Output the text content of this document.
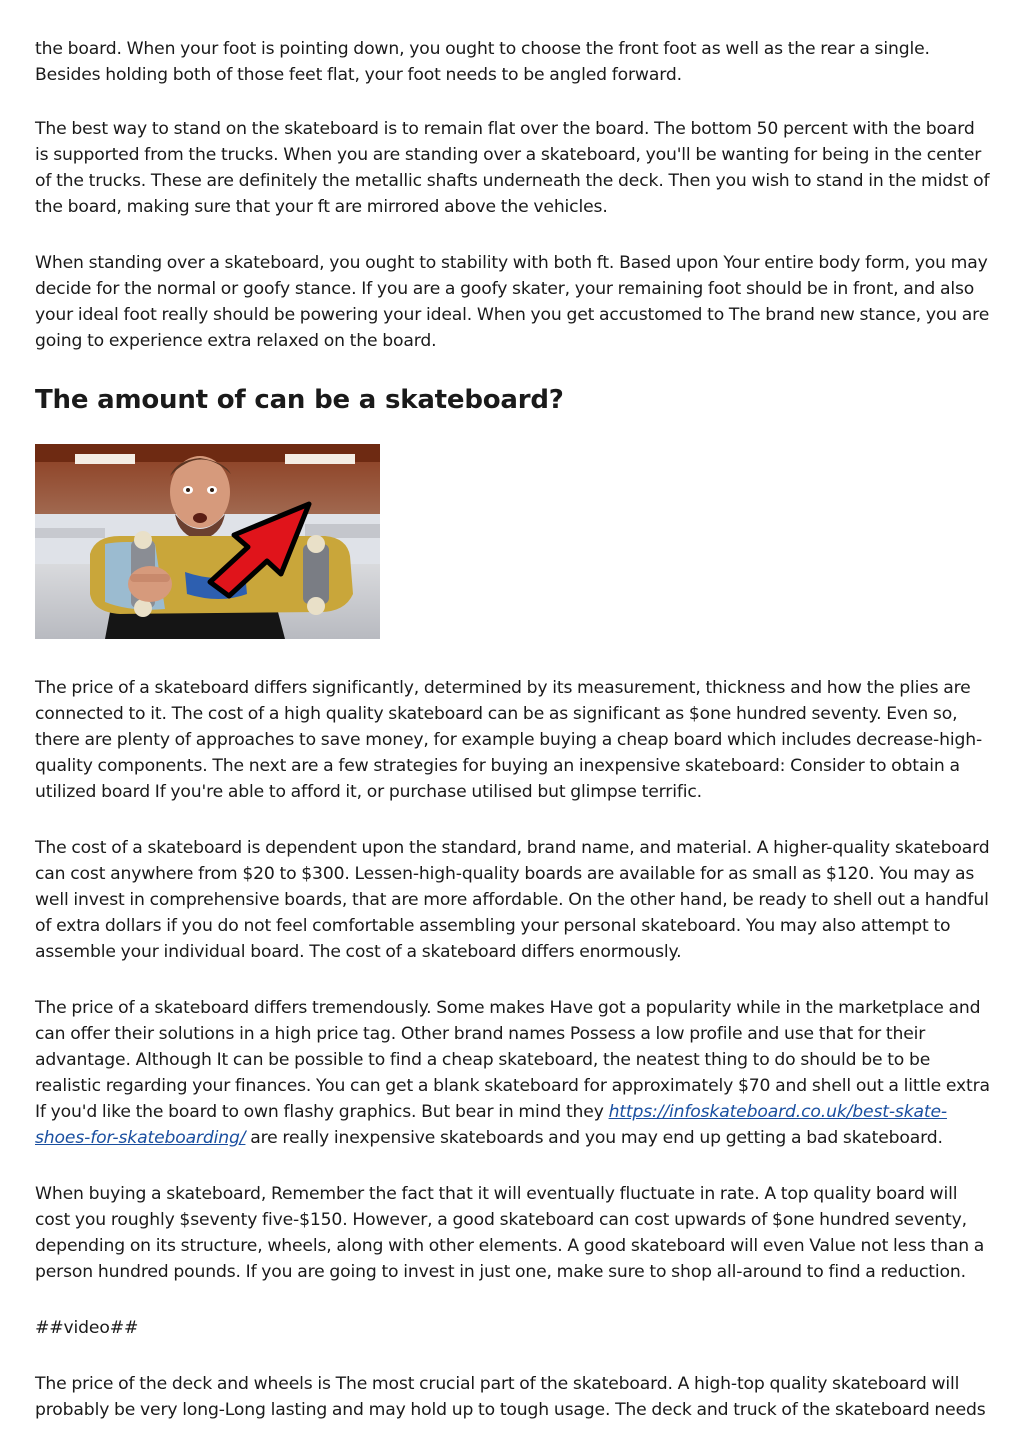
the board. When your foot is pointing down, you ought to choose the front foot as well as the rear a single. Besides holding both of those feet flat, your foot needs to be angled forward.

The best way to stand on the skateboard is to remain flat over the board. The bottom 50 percent with the board is supported from the trucks. When you are standing over a skateboard, you'll be wanting for being in the center of the trucks. These are definitely the metallic shafts underneath the deck. Then you wish to stand in the midst of the board, making sure that your ft are mirrored above the vehicles.

When standing over a skateboard, you ought to stability with both ft. Based upon Your entire body form, you may decide for the normal or goofy stance. If you are a goofy skater, your remaining foot should be in front, and also your ideal foot really should be powering your ideal. When you get accustomed to The brand new stance, you are going to experience extra relaxed on the board.

The amount of can be a skateboard?

The price of a skateboard differs significantly, determined by its measurement, thickness and how the plies are connected to it. The cost of a high quality skateboard can be as significant as $one hundred seventy. Even so, there are plenty of approaches to save money, for example buying a cheap board which includes decrease-high-quality components. The next are a few strategies for buying an inexpensive skateboard: Consider to obtain a utilized board If you're able to afford it, or purchase utilised but glimpse terrific.

The cost of a skateboard is dependent upon the standard, brand name, and material. A higher-quality skateboard can cost anywhere from $20 to $300. Lessen-high-quality boards are available for as small as $120. You may as well invest in comprehensive boards, that are more affordable. On the other hand, be ready to shell out a handful of extra dollars if you do not feel comfortable assembling your personal skateboard. You may also attempt to assemble your individual board. The cost of a skateboard differs enormously.

The price of a skateboard differs tremendously. Some makes Have got a popularity while in the marketplace and can offer their solutions in a high price tag. Other brand names Possess a low profile and use that for their advantage. Although It can be possible to find a cheap skateboard, the neatest thing to do should be to be realistic regarding your finances. You can get a blank skateboard for approximately $70 and shell out a little extra If you'd like the board to own flashy graphics. But bear in mind they https://infoskateboard.co.uk/best-skate-shoes-for-skateboarding/ are really inexpensive skateboards and you may end up getting a bad skateboard.

When buying a skateboard, Remember the fact that it will eventually fluctuate in rate. A top quality board will cost you roughly $seventy five-$150. However, a good skateboard can cost upwards of $one hundred seventy, depending on its structure, wheels, along with other elements. A good skateboard will even Value not less than a person hundred pounds. If you are going to invest in just one, make sure to shop all-around to find a reduction.

##video##

The price of the deck and wheels is The most crucial part of the skateboard. A high-top quality skateboard will probably be very long-Long lasting and may hold up to tough usage. The deck and truck of the skateboard needs
